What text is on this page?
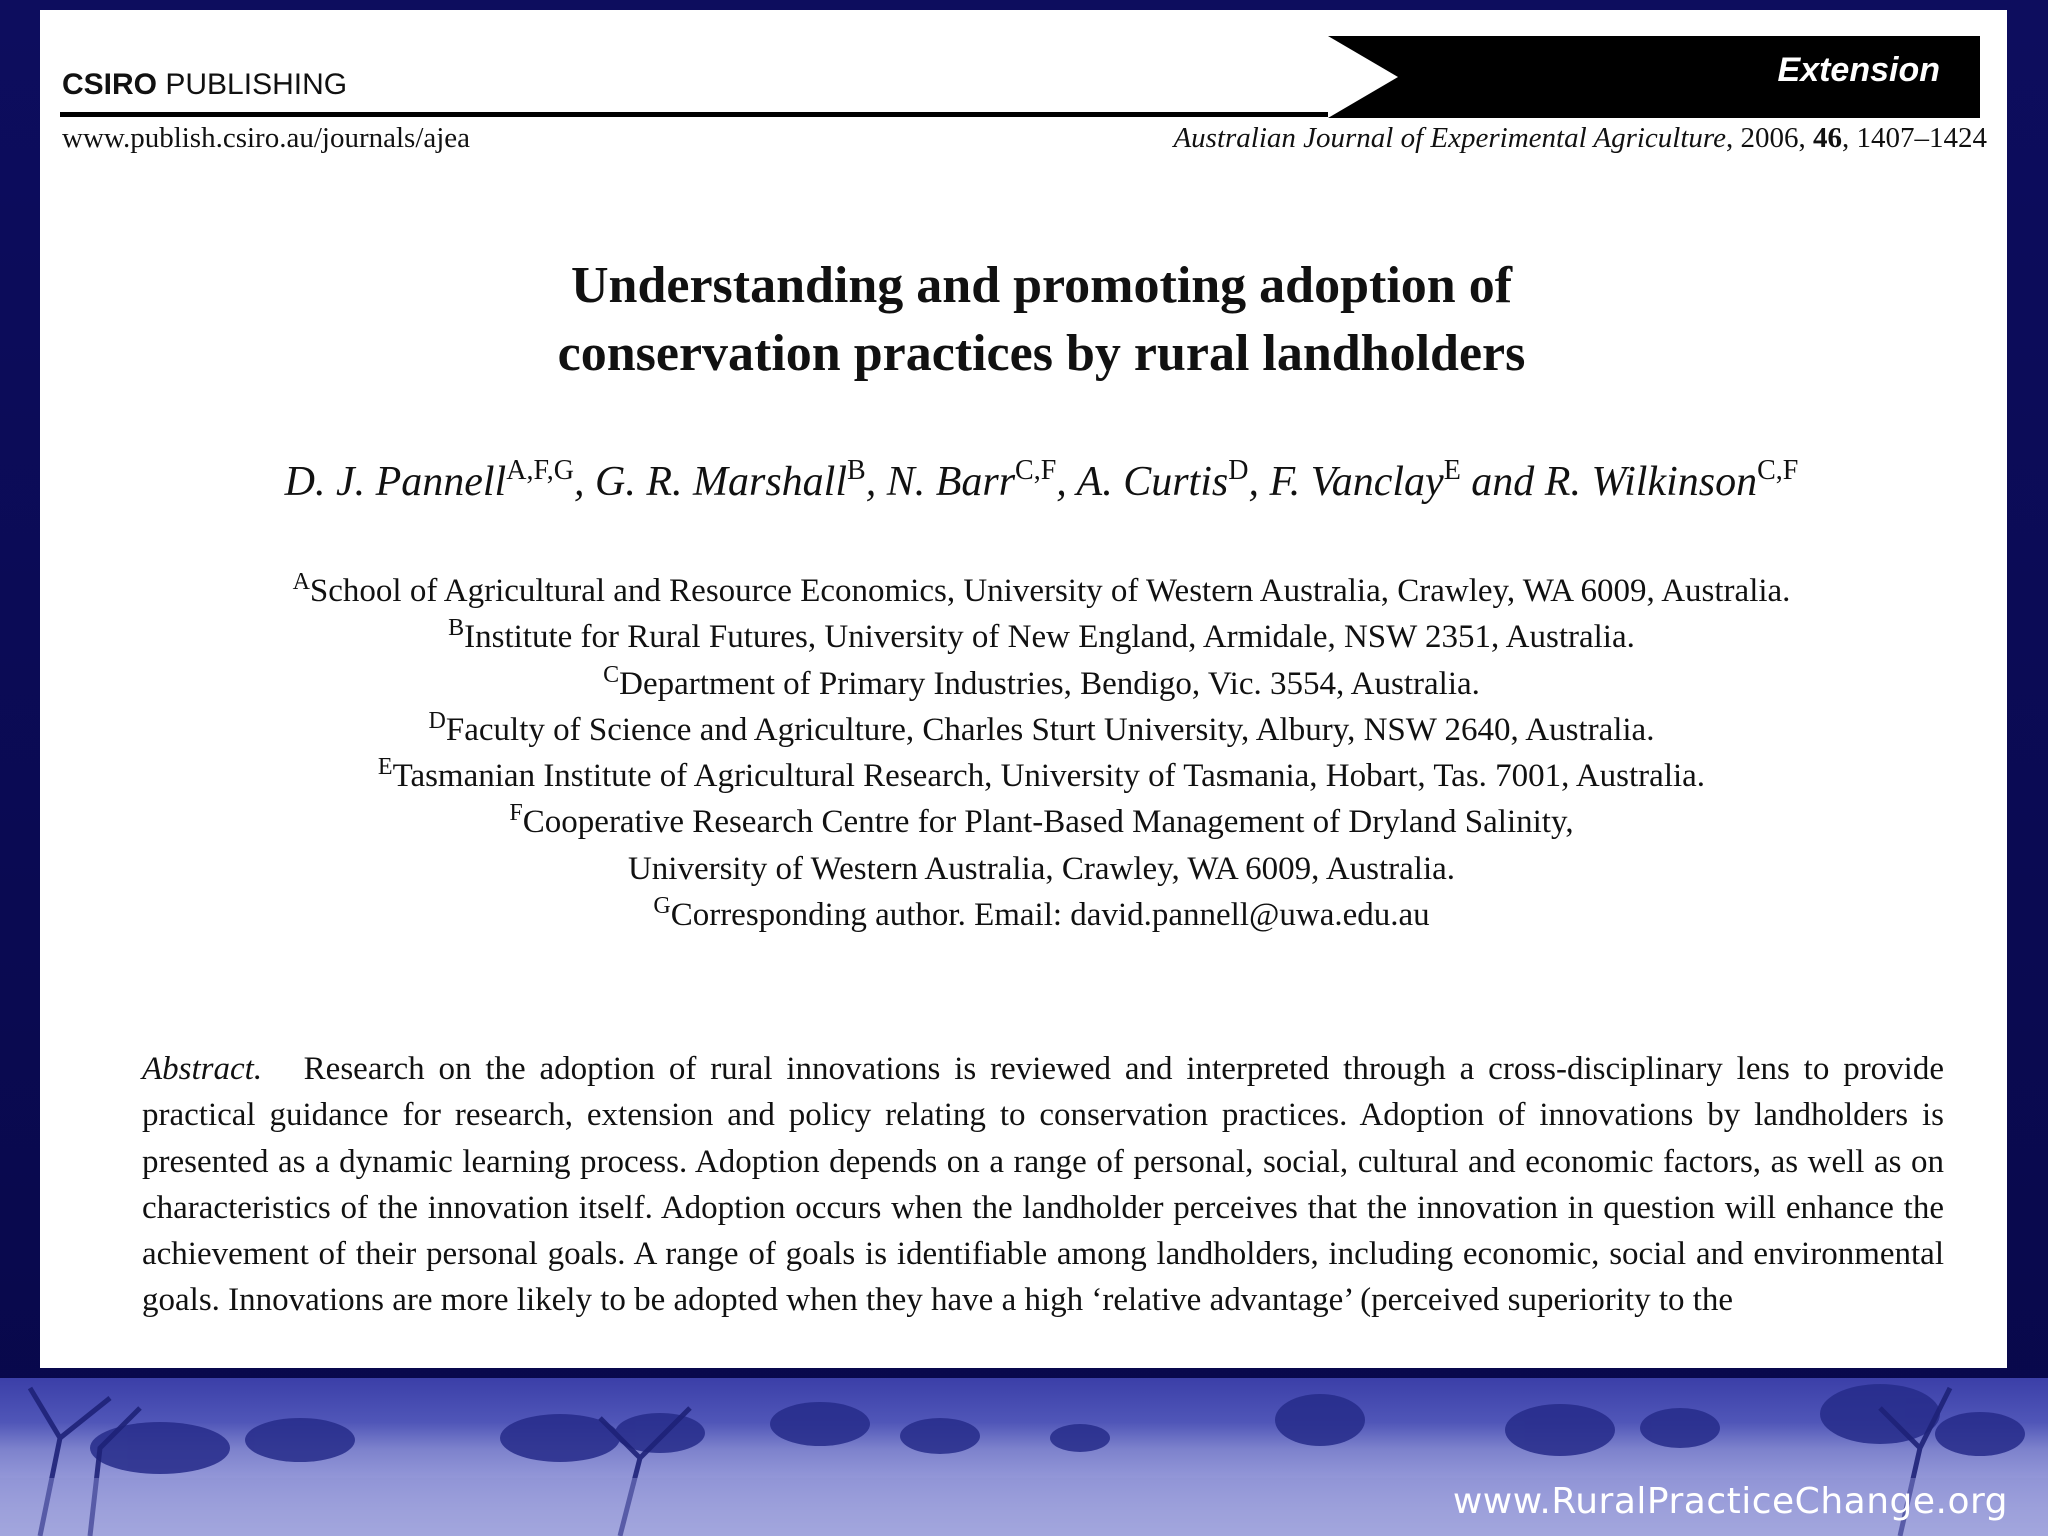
CSIRO PUBLISHING	Extension
www.publish.csiro.au/journals/ajea	Australian Journal of Experimental Agriculture, 2006, 46, 1407–1424
Understanding and promoting adoption of
conservation practices by rural landholders
D. J. Pannell$^{A,F,G}$, G. R. Marshall$^B$, N. Barr$^{C,F}$, A. Curtis$^D$, F. Vanclay$^E$ and R. Wilkinson$^{C,F}$
$^A$School of Agricultural and Resource Economics, University of Western Australia, Crawley, WA 6009, Australia.
$^B$Institute for Rural Futures, University of New England, Armidale, NSW 2351, Australia.
$^C$Department of Primary Industries, Bendigo, Vic. 3554, Australia.
$^D$Faculty of Science and Agriculture, Charles Sturt University, Albury, NSW 2640, Australia.
$^E$Tasmanian Institute of Agricultural Research, University of Tasmania, Hobart, Tas. 7001, Australia.
$^F$Cooperative Research Centre for Plant-Based Management of Dryland Salinity,
University of Western Australia, Crawley, WA 6009, Australia.
$^G$Corresponding author. Email: david.pannell@uwa.edu.au
Abstract. Research on the adoption of rural innovations is reviewed and interpreted through a cross-disciplinary lens to provide practical guidance for research, extension and policy relating to conservation practices. Adoption of innovations by landholders is presented as a dynamic learning process. Adoption depends on a range of personal, social, cultural and economic factors, as well as on characteristics of the innovation itself. Adoption occurs when the landholder perceives that the innovation in question will enhance the achievement of their personal goals. A range of goals is identifiable among landholders, including economic, social and environmental goals. Innovations are more likely to be adopted when they have a high ‘relative advantage’ (perceived superiority to the
www.RuralPracticeChange.org
